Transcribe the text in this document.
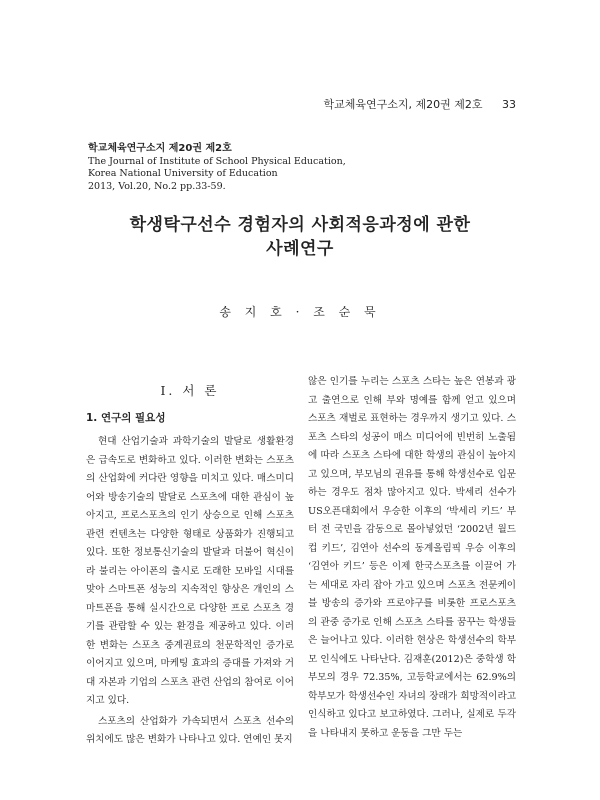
학교체육연구소지, 제20권 제2호 33
학교체육연구소지 제20권 제2호
The Journal of Institute of School Physical Education,
Korea National University of Education
2013, Vol.20, No.2 pp.33-59.
학생탁구선수 경험자의 사회적응과정에 관한
사례연구
송 지 호 · 조 순 묵
Ⅰ. 서 론
1. 연구의 필요성

현대 산업기술과 과학기술의 발달로 생활환경은 급속도로 변화하고 있다. 이러한 변화는 스포츠의 산업화에 커다란 영향을 미치고 있다. 매스미디어와 방송기술의 발달로 스포츠에 대한 관심이 높아지고, 프로스포츠의 인기 상승으로 인해 스포츠 관련 컨텐츠는 다양한 형태로 상품화가 진행되고 있다. 또한 정보통신기술의 발달과 더불어 혁신이라 불리는 아이폰의 출시로 도래한 모바일 시대를 맞아 스마트폰 성능의 지속적인 향상은 개인의 스마트폰을 통해 실시간으로 다양한 프로 스포츠 경기를 관람할 수 있는 환경을 제공하고 있다. 이러한 변화는 스포츠 중계권료의 천문학적인 증가로 이어지고 있으며, 마케팅 효과의 증대를 가져와 거대 자본과 기업의 스포츠 관련 산업의 참여로 이어지고 있다.

스포츠의 산업화가 가속되면서 스포츠 선수의 위치에도 많은 변화가 나타나고 있다. 연예인 못지

않은 인기를 누리는 스포츠 스타는 높은 연봉과 광고 출연으로 인해 부와 명예를 함께 얻고 있으며 스포츠 재벌로 표현하는 경우까지 생기고 있다. 스포츠 스타의 성공이 매스 미디어에 빈번히 노출됨에 따라 스포츠 스타에 대한 학생의 관심이 높아지고 있으며, 부모님의 권유를 통해 학생선수로 입문하는 경우도 점차 많아지고 있다. 박세리 선수가 US오픈대회에서 우승한 이후의 ‘박세리 키드’ 부터 전 국민을 감동으로 몰아넣었던 ‘2002년 월드컵 키드’, 김연아 선수의 동계올림픽 우승 이후의 ‘김연아 키드’ 등은 이제 한국스포츠를 이끌어 가는 세대로 자리 잡아 가고 있으며 스포츠 전문케이블 방송의 증가와 프로야구를 비롯한 프로스포츠의 관중 증가로 인해 스포츠 스타를 꿈꾸는 학생들은 늘어나고 있다. 이러한 현상은 학생선수의 학부모 인식에도 나타난다. 김재훈(2012)은 중학생 학부모의 경우 72.35%, 고등학교에서는 62.9%의 학부모가 학생선수인 자녀의 장래가 희망적이라고 인식하고 있다고 보고하였다. 그러나, 실제로 두각을 나타내지 못하고 운동을 그만 두는
